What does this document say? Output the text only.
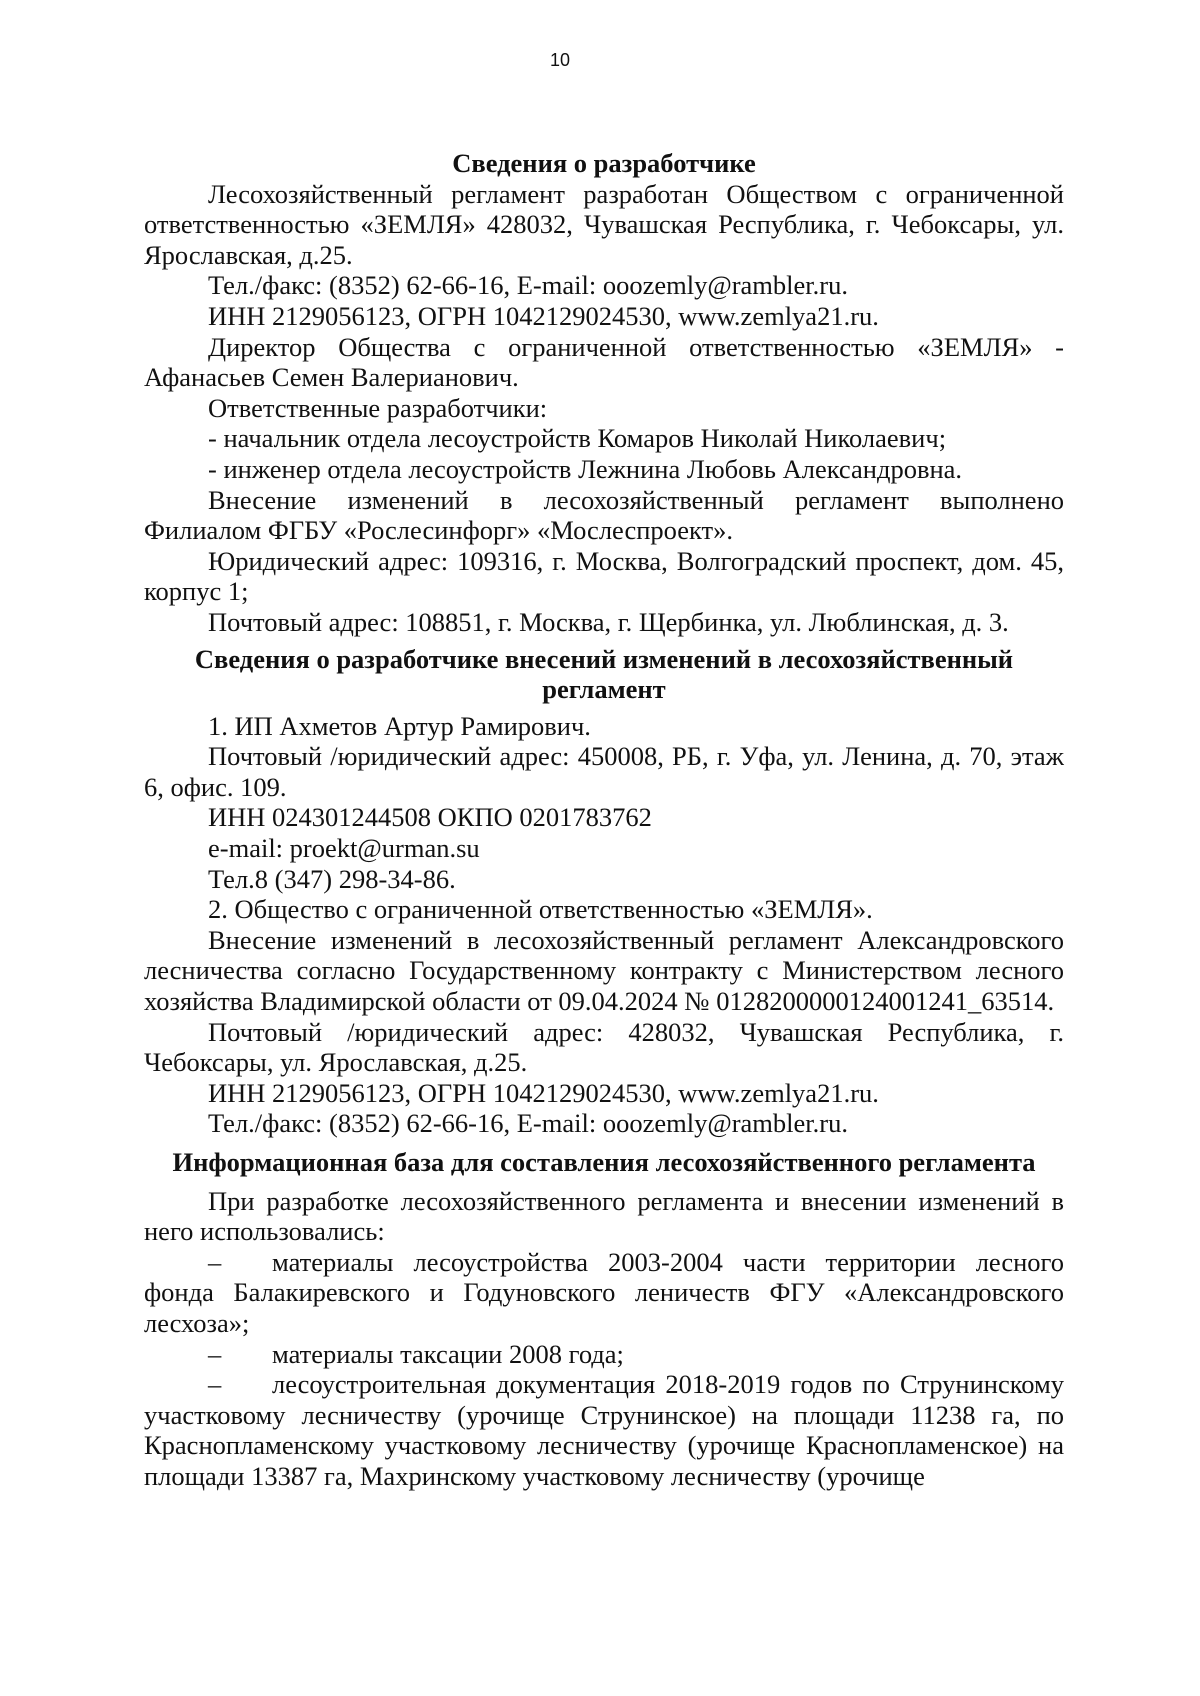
10

Сведения о разработчике

Лесохозяйственный регламент разработан Обществом с ограниченной ответственностью «ЗЕМЛЯ» 428032, Чувашская Республика, г. Чебоксары, ул. Ярославская, д.25.

Тел./факс: (8352) 62-66-16, E-mail: ooozemly@rambler.ru.

ИНН 2129056123, ОГРН 1042129024530, www.zemlya21.ru.

Директор Общества с ограниченной ответственностью «ЗЕМЛЯ» - Афанасьев Семен Валерианович.

Ответственные разработчики:

- начальник отдела лесоустройств Комаров Николай Николаевич;

- инженер отдела лесоустройств Лежнина Любовь Александровна.

Внесение изменений в лесохозяйственный регламент выполнено Филиалом ФГБУ «Рослесинфорг» «Мослеспроект».

Юридический адрес: 109316, г. Москва, Волгоградский проспект, дом. 45, корпус 1;

Почтовый адрес: 108851, г. Москва, г. Щербинка, ул. Люблинская, д. 3.

Сведения о разработчике внесений изменений в лесохозяйственный
регламент

1. ИП Ахметов Артур Рамирович.

Почтовый /юридический адрес: 450008, РБ, г. Уфа, ул. Ленина, д. 70, этаж 6, офис. 109.

ИНН 024301244508 ОКПО 0201783762

e-mail: proekt@urman.su

Тел.8 (347) 298-34-86.

2. Общество с ограниченной ответственностью «ЗЕМЛЯ».

Внесение изменений в лесохозяйственный регламент Александровского лесничества согласно Государственному контракту с Министерством лесного хозяйства Владимирской области от 09.04.2024 № 0128200000124001241_63514.

Почтовый /юридический адрес: 428032, Чувашская Республика, г. Чебоксары, ул. Ярославская, д.25.

ИНН 2129056123, ОГРН 1042129024530, www.zemlya21.ru.

Тел./факс: (8352) 62-66-16, E-mail: ooozemly@rambler.ru.

Информационная база для составления лесохозяйственного регламента

При разработке лесохозяйственного регламента и внесении изменений в него использовались:

– материалы лесоустройства 2003-2004 части территории лесного фонда Балакиревского и Годуновского леничеств ФГУ «Александровского лесхоза»;

– материалы таксации 2008 года;

– лесоустроительная документация 2018-2019 годов по Струнинскому участковому лесничеству (урочище Струнинское) на площади 11238 га, по Краснопламенскому участковому лесничеству (урочище Краснопламенское) на площади 13387 га, Махринскому участковому лесничеству (урочище
